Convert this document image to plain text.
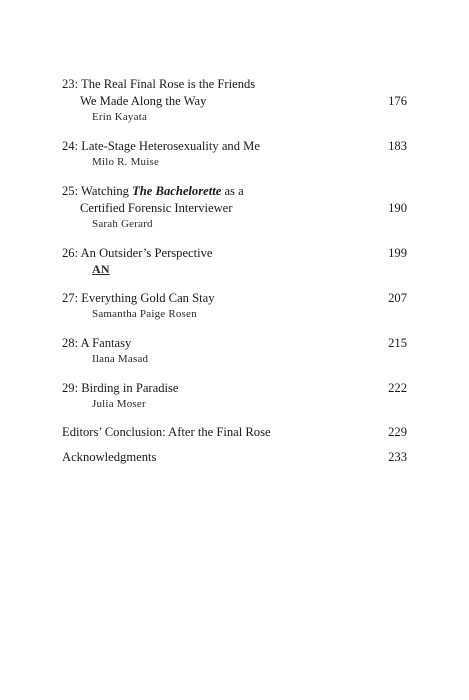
23: The Real Final Rose is the Friends
We Made Along the Way	176
Erin Kayata
24: Late-Stage Heterosexuality and Me	183
Milo R. Muise
25: Watching The Bachelorette as a
Certified Forensic Interviewer	190
Sarah Gerard
26: An Outsider’s Perspective	199
AN
27: Everything Gold Can Stay	207
Samantha Paige Rosen
28: A Fantasy	215
Ilana Masad
29: Birding in Paradise	222
Julia Moser
Editors’ Conclusion: After the Final Rose	229
Acknowledgments	233
